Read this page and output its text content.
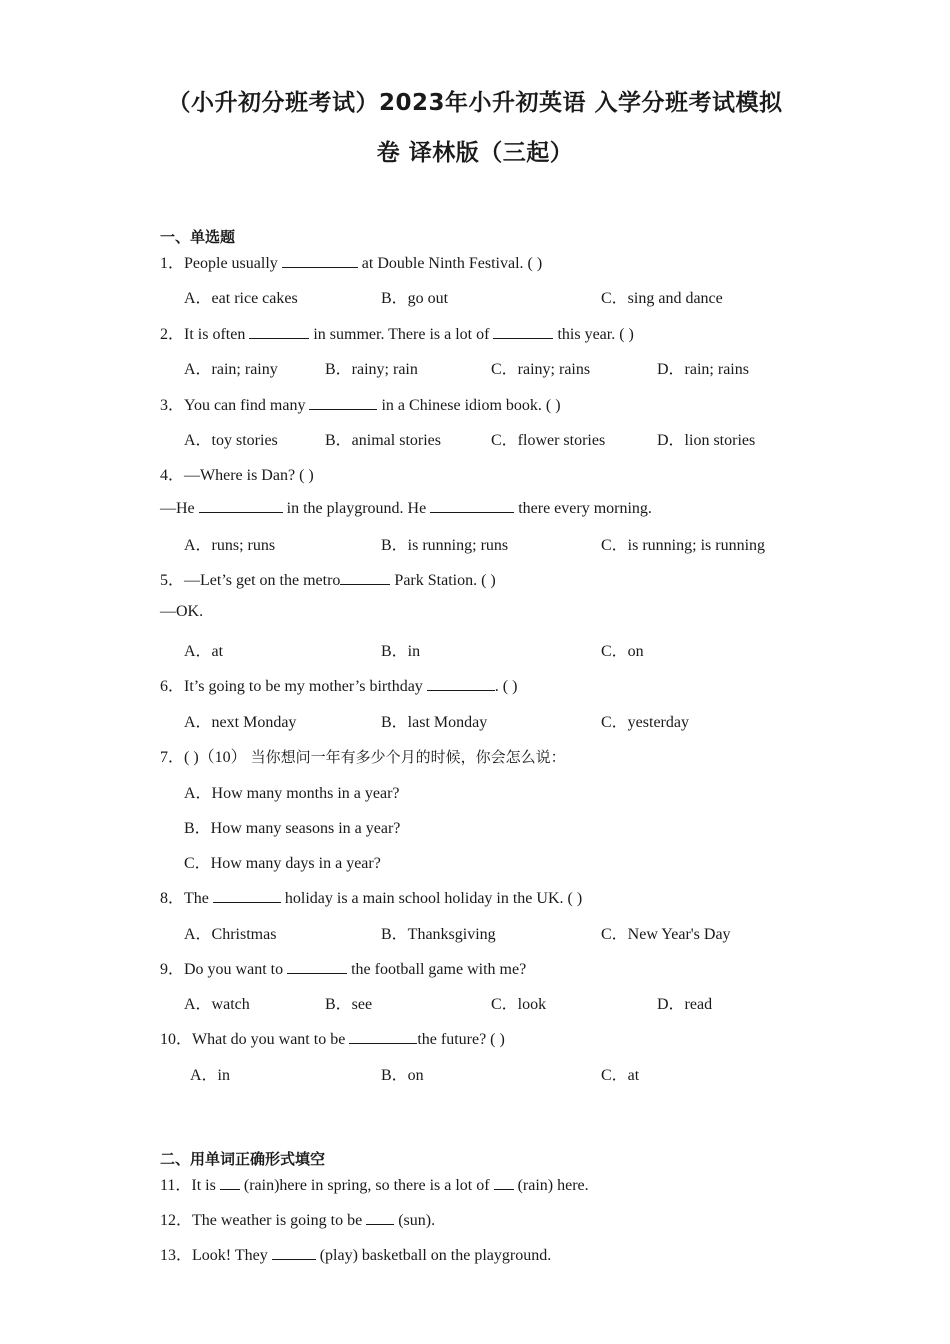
（小升初分班考试）2023年小升初英语 入学分班考试模拟
卷 译林版（三起）
一、单选题
1．People usually	at Double Ninth Festival. ( )
A．eat rice cakes	B．go out	C．sing and dance
2．It is often	in summer. There is a lot of	this year. ( )
A．rain; rainy	B．rainy; rain	C．rainy; rains	D．rain; rains
3．You can find many	in a Chinese idiom book. ( )
A．toy stories	B．animal stories	C．flower stories	D．lion stories
4．—Where is Dan? ( )
—He	in the playground. He	there every morning.
A．runs; runs	B．is running; runs	C．is running; is running
5．—Let’s get on the metro	Park Station. ( )
—OK.
A．at	B．in	C．on
6．It’s going to be my mother’s birthday	. ( )
A．next Monday	B．last Monday	C．yesterday
7．( )（10） 当你想问一年有多少个月的时候，你会怎么说：
A．How many months in a year?
B．How many seasons in a year?
C．How many days in a year?
8．The	holiday is a main school holiday in the UK. ( )
A．Christmas	B．Thanksgiving	C．New Year's Day
9．Do you want to	the football game with me?
A．watch	B．see	C．look	D．read
10．What do you want to be	the future? ( )
A．in	B．on	C．at
二、用单词正确形式填空
11．It is  (rain)here in spring, so there is a lot of  (rain) here.
12．The weather is going to be  (sun).
13．Look! They	(play) basketball on the playground.
